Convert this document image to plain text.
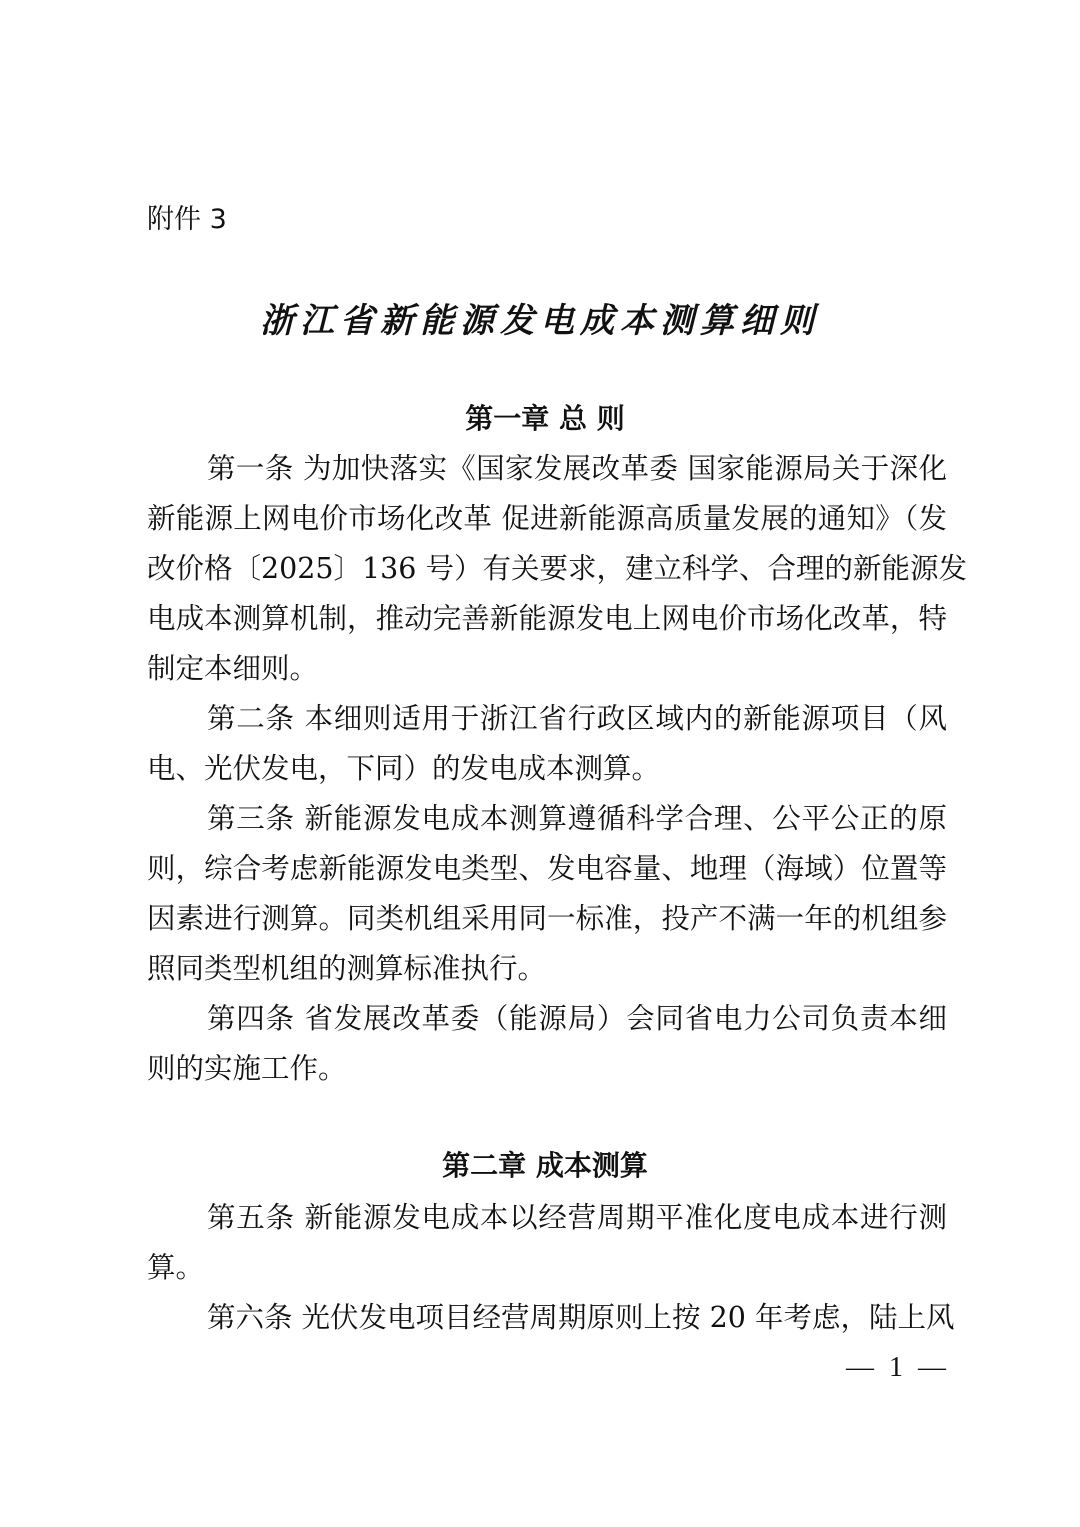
附件 3
浙江省新能源发电成本测算细则
第一章 总 则
第一条 为加快落实《国家发展改革委 国家能源局关于深化
新能源上网电价市场化改革 促进新能源高质量发展的通知》（发
改价格〔2025〕136 号）有关要求，建立科学、合理的新能源发
电成本测算机制，推动完善新能源发电上网电价市场化改革，特
制定本细则。
第二条 本细则适用于浙江省行政区域内的新能源项目（风
电、光伏发电，下同）的发电成本测算。
第三条 新能源发电成本测算遵循科学合理、公平公正的原
则，综合考虑新能源发电类型、发电容量、地理（海域）位置等
因素进行测算。同类机组采用同一标准，投产不满一年的机组参
照同类型机组的测算标准执行。
第四条 省发展改革委（能源局）会同省电力公司负责本细
则的实施工作。
第二章 成本测算
第五条 新能源发电成本以经营周期平准化度电成本进行测
算。
第六条 光伏发电项目经营周期原则上按 20 年考虑，陆上风
— 1 —
